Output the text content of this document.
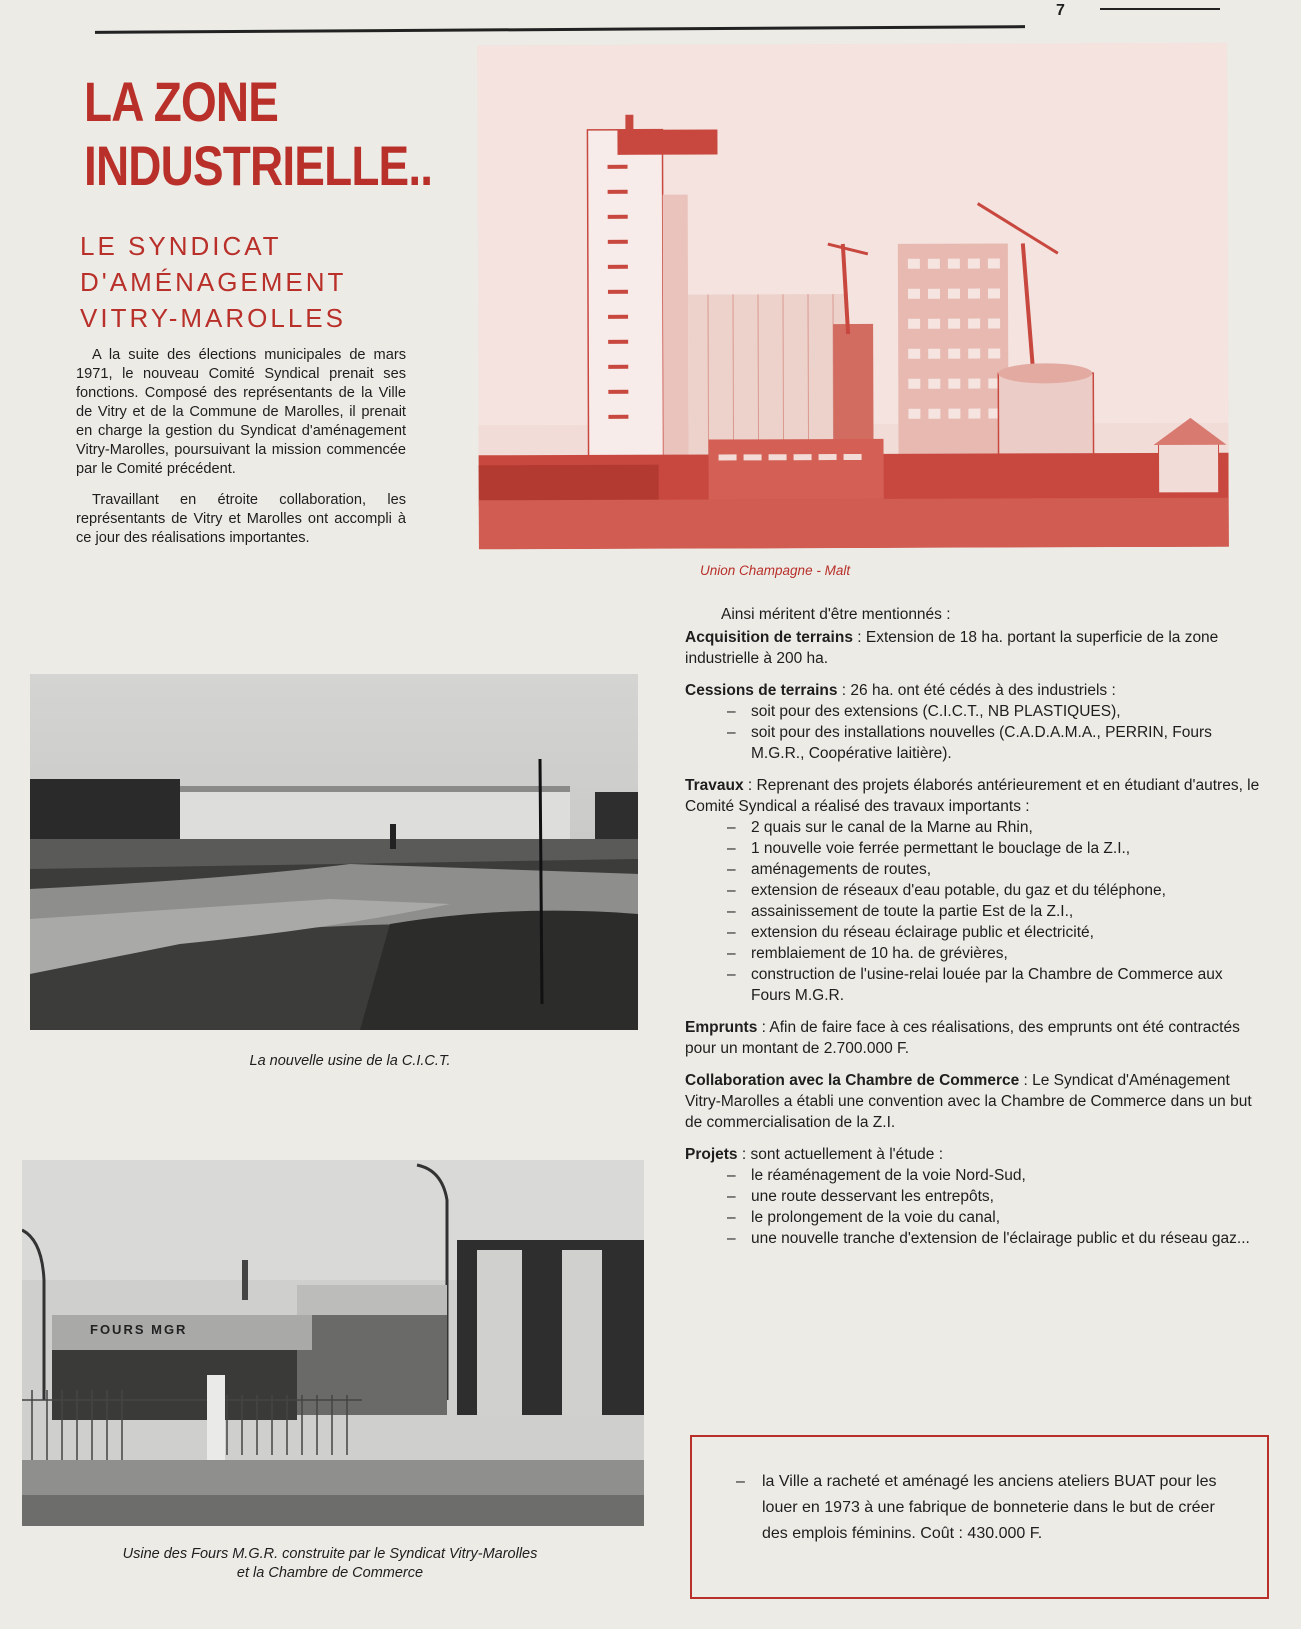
7
LA ZONE
INDUSTRIELLE..
LE SYNDICAT
D'AMÉNAGEMENT
VITRY-MAROLLES

A la suite des élections municipales de mars 1971, le nouveau Comité Syndical prenait ses fonctions. Composé des représentants de la Ville de Vitry et de la Commune de Marolles, il prenait en charge la gestion du Syndicat d'aménagement Vitry-Marolles, poursuivant la mission commencée par le Comité précédent.

Travaillant en étroite collaboration, les représentants de Vitry et Marolles ont accompli à ce jour des réalisations importantes.

Union Champagne - Malt
La nouvelle usine de la C.I.C.T.
FOURS MGR
Usine des Fours M.G.R. construite par le Syndicat Vitry-Marolles
et la Chambre de Commerce

Ainsi méritent d'être mentionnés :

Acquisition de terrains : Extension de 18 ha. portant la superficie de la zone industrielle à 200 ha.
Cessions de terrains : 26 ha. ont été cédés à des industriels :
– soit pour des extensions (C.I.C.T., NB PLASTIQUES),
– soit pour des installations nouvelles (C.A.D.A.M.A., PERRIN, Fours M.G.R., Coopérative laitière).
Travaux : Reprenant des projets élaborés antérieurement et en étudiant d'autres, le Comité Syndical a réalisé des travaux importants :
– 2 quais sur le canal de la Marne au Rhin,
– 1 nouvelle voie ferrée permettant le bouclage de la Z.I.,
– aménagements de routes,
– extension de réseaux d'eau potable, du gaz et du téléphone,
– assainissement de toute la partie Est de la Z.I.,
– extension du réseau éclairage public et électricité,
– remblaiement de 10 ha. de grévières,
– construction de l'usine-relai louée par la Chambre de Commerce aux Fours M.G.R.
Emprunts : Afin de faire face à ces réalisations, des emprunts ont été contractés pour un montant de 2.700.000 F.
Collaboration avec la Chambre de Commerce : Le Syndicat d'Aménagement Vitry-Marolles a établi une convention avec la Chambre de Commerce dans un but de commercialisation de la Z.I.
Projets : sont actuellement à l'étude :
– le réaménagement de la voie Nord-Sud,
– une route desservant les entrepôts,
– le prolongement de la voie du canal,
– une nouvelle tranche d'extension de l'éclairage public et du réseau gaz...

– la Ville a racheté et aménagé les anciens ateliers BUAT pour les louer en 1973 à une fabrique de bonneterie dans le but de créer des emplois féminins. Coût : 430.000 F.
